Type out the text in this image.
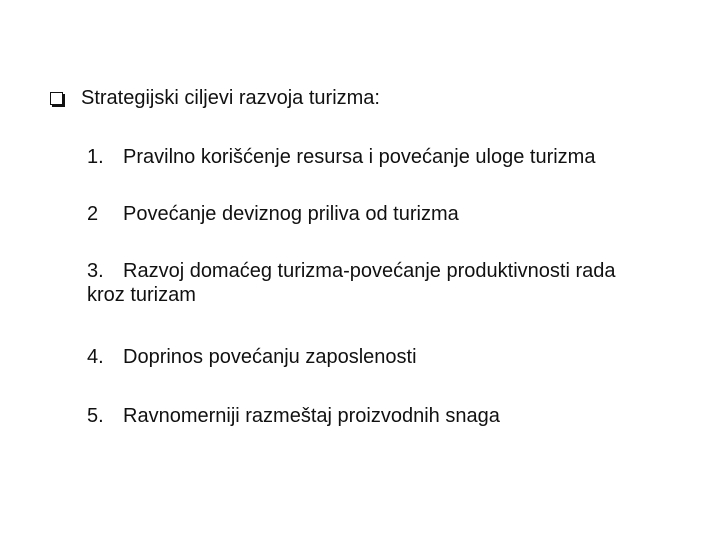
Strategijski ciljevi razvoja turizma:
1. Pravilno korišćenje resursa i povećanje uloge turizma
2 Povećanje deviznog priliva od turizma
3. Razvoj domaćeg turizma-povećanje produktivnosti rada
kroz turizam
4. Doprinos povećanju zaposlenosti
5. Ravnomerniji razmeštaj proizvodnih snaga
